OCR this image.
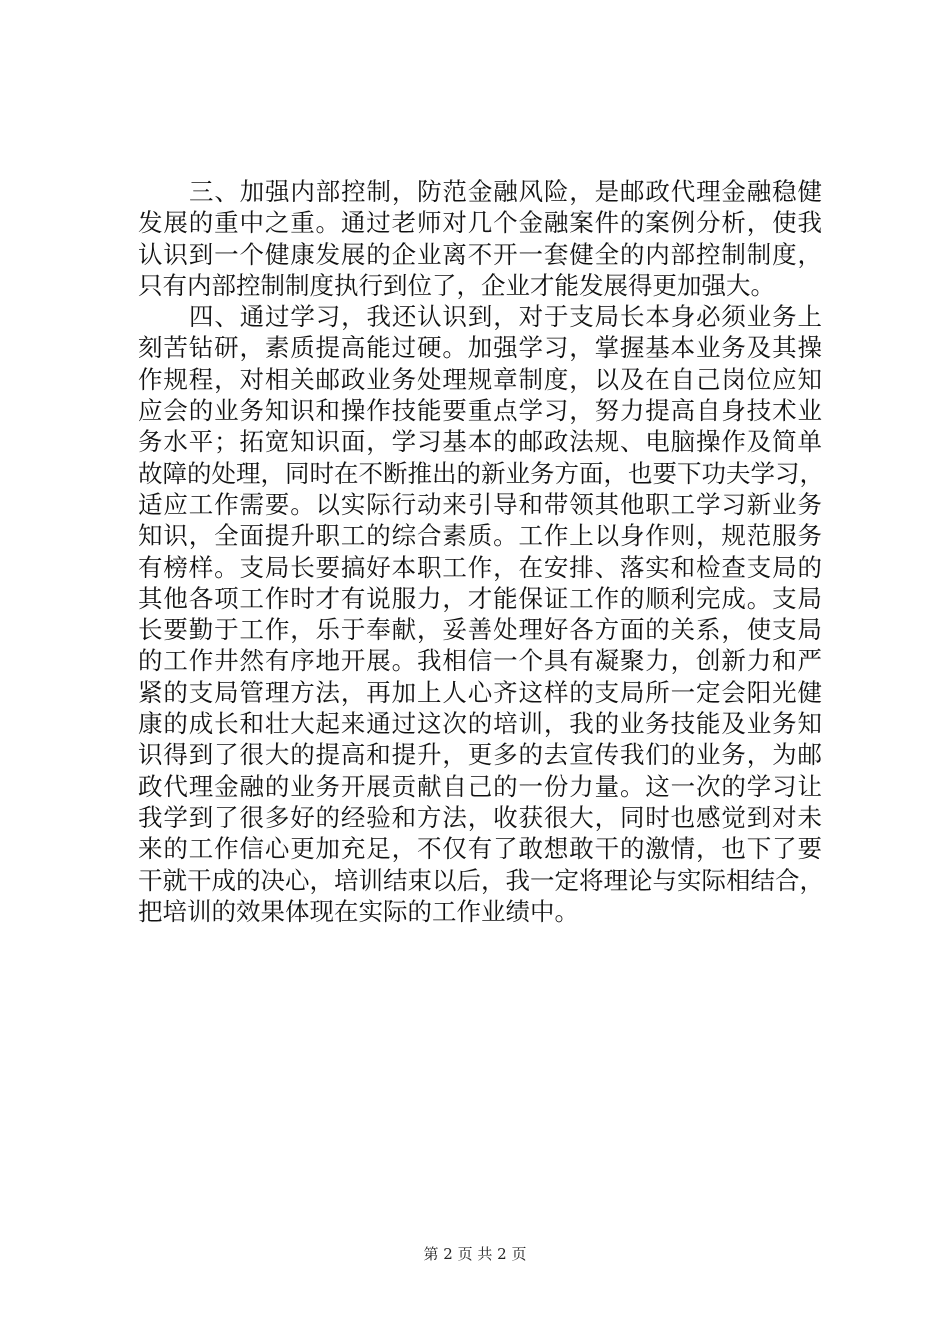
三、加强内部控制，防范金融风险，是邮政代理金融稳健
发展的重中之重。通过老师对几个金融案件的案例分析，使我
认识到一个健康发展的企业离不开一套健全的内部控制制度，
只有内部控制制度执行到位了，企业才能发展得更加强大。
四、通过学习，我还认识到，对于支局长本身必须业务上
刻苦钻研，素质提高能过硬。加强学习，掌握基本业务及其操
作规程，对相关邮政业务处理规章制度，以及在自己岗位应知
应会的业务知识和操作技能要重点学习，努力提高自身技术业
务水平；拓宽知识面，学习基本的邮政法规、电脑操作及简单
故障的处理，同时在不断推出的新业务方面，也要下功夫学习，
适应工作需要。以实际行动来引导和带领其他职工学习新业务
知识，全面提升职工的综合素质。工作上以身作则，规范服务
有榜样。支局长要搞好本职工作，在安排、落实和检查支局的
其他各项工作时才有说服力，才能保证工作的顺利完成。支局
长要勤于工作，乐于奉献，妥善处理好各方面的关系，使支局
的工作井然有序地开展。我相信一个具有凝聚力，创新力和严
紧的支局管理方法，再加上人心齐这样的支局所一定会阳光健
康的成长和壮大起来通过这次的培训，我的业务技能及业务知
识得到了很大的提高和提升，更多的去宣传我们的业务，为邮
政代理金融的业务开展贡献自己的一份力量。这一次的学习让
我学到了很多好的经验和方法，收获很大，同时也感觉到对未
来的工作信心更加充足，不仅有了敢想敢干的激情，也下了要
干就干成的决心，培训结束以后，我一定将理论与实际相结合，
把培训的效果体现在实际的工作业绩中。
第 2 页 共 2 页
